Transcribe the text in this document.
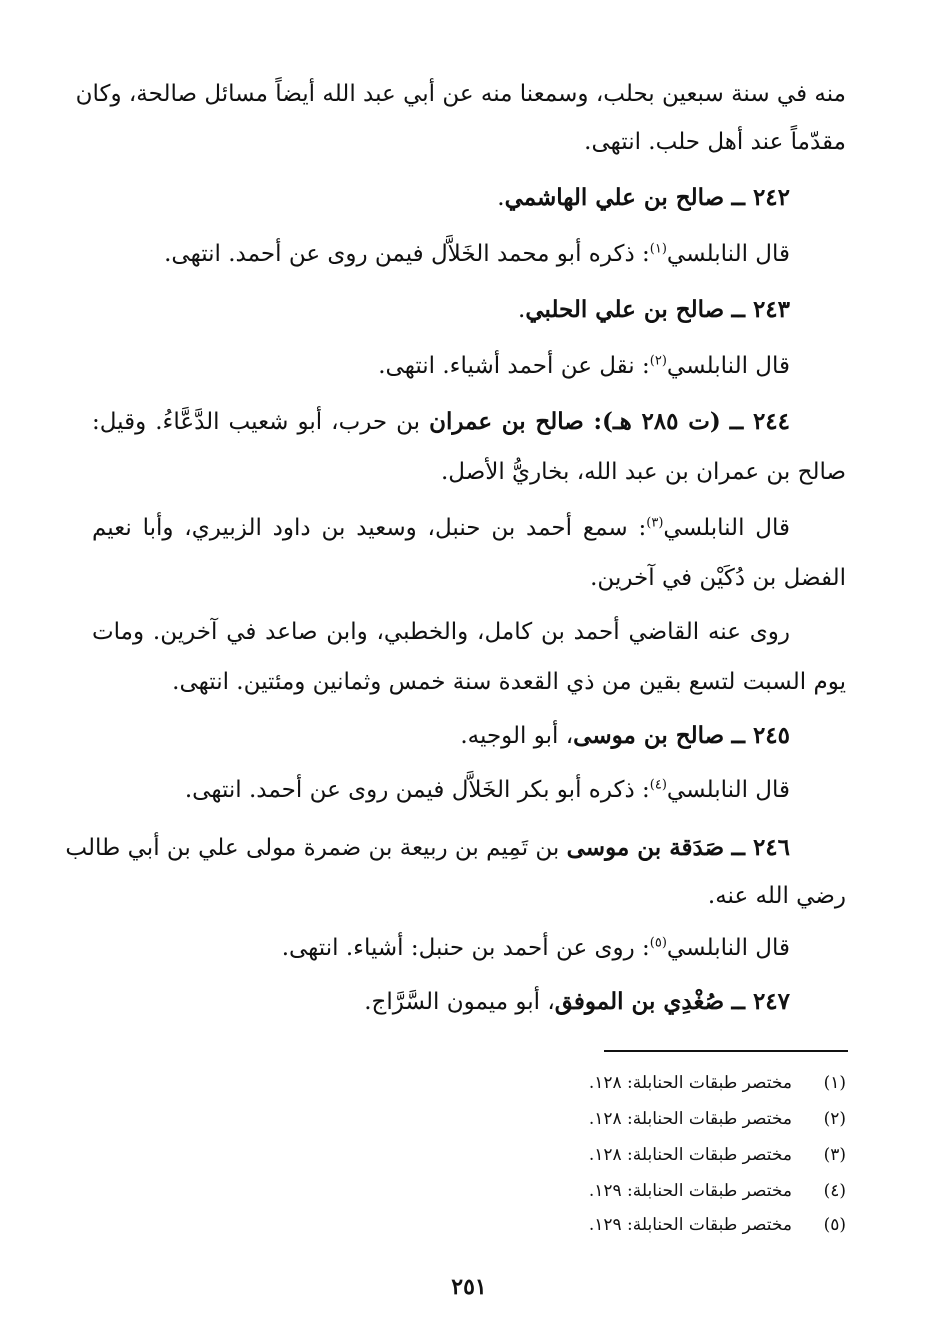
منه في سنة سبعين بحلب، وسمعنا منه عن أبي عبد الله أيضاً مسائل صالحة، وكان
مقدّماً عند أهل حلب. انتهى.
٢٤٢ ــ صالح بن علي الهاشمي.
قال النابلسي$^{(١)}$: ذكره أبو محمد الخَلاَّل فيمن روى عن أحمد. انتهى.
٢٤٣ ــ صالح بن علي الحلبي.
قال النابلسي$^{(٢)}$: نقل عن أحمد أشياء. انتهى.
٢٤٤ ــ (ت ٢٨٥ هـ): صالح بن عمران بن حرب، أبو شعيب الدَّعَّاءُ. وقيل:
صالح بن عمران بن عبد الله، بخاريُّ الأصل.
قال النابلسي$^{(٣)}$: سمع أحمد بن حنبل، وسعيد بن داود الزبيري، وأبا نعيم
الفضل بن دُكَيْن في آخرين.
روى عنه القاضي أحمد بن كامل، والخطبي، وابن صاعد في آخرين. ومات
يوم السبت لتسع بقين من ذي القعدة سنة خمس وثمانين ومئتين. انتهى.
٢٤٥ ــ صالح بن موسى، أبو الوجيه.
قال النابلسي$^{(٤)}$: ذكره أبو بكر الخَلاَّل فيمن روى عن أحمد. انتهى.
٢٤٦ ــ صَدَقة بن موسى بن تَمِيم بن ربيعة بن ضمرة مولى علي بن أبي طالب
رضي الله عنه.
قال النابلسي$^{(٥)}$: روى عن أحمد بن حنبل: أشياء. انتهى.
٢٤٧ ــ صُغْدِي بن الموفق، أبو ميمون السَّرَّاج.
(١)مختصر طبقات الحنابلة: ١٢٨.
(٢)مختصر طبقات الحنابلة: ١٢٨.
(٣)مختصر طبقات الحنابلة: ١٢٨.
(٤)مختصر طبقات الحنابلة: ١٢٩.
(٥)مختصر طبقات الحنابلة: ١٢٩.
٢٥١
